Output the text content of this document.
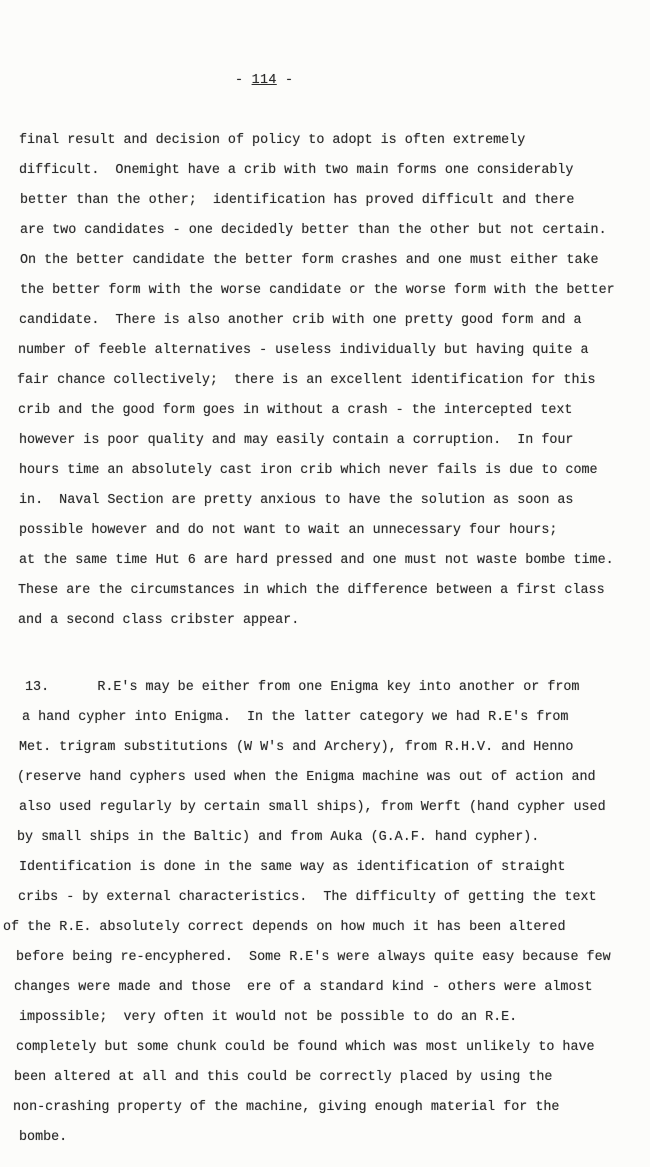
- 114 -
final result and decision of policy to adopt is often extremely
difficult.  Onemight have a crib with two main forms one considerably
better than the other;  identification has proved difficult and there
are two candidates - one decidedly better than the other but not certain.
On the better candidate the better form crashes and one must either take
the better form with the worse candidate or the worse form with the better
candidate.  There is also another crib with one pretty good form and a
number of feeble alternatives - useless individually but having quite a
fair chance collectively;  there is an excellent identification for this
crib and the good form goes in without a crash - the intercepted text
however is poor quality and may easily contain a corruption.  In four
hours time an absolutely cast iron crib which never fails is due to come
in.  Naval Section are pretty anxious to have the solution as soon as
possible however and do not want to wait an unnecessary four hours;
at the same time Hut 6 are hard pressed and one must not waste bombe time.
These are the circumstances in which the difference between a first class
and a second class cribster appear.
13.      R.E's may be either from one Enigma key into another or from
a hand cypher into Enigma.  In the latter category we had R.E's from
Met. trigram substitutions (W W's and Archery), from R.H.V. and Henno
(reserve hand cyphers used when the Enigma machine was out of action and
also used regularly by certain small ships), from Werft (hand cypher used
by small ships in the Baltic) and from Auka (G.A.F. hand cypher).
Identification is done in the same way as identification of straight
cribs - by external characteristics.  The difficulty of getting the text
of the R.E. absolutely correct depends on how much it has been altered
before being re-encyphered.  Some R.E's were always quite easy because few
changes were made and those  ere of a standard kind - others were almost
impossible;  very often it would not be possible to do an R.E.
completely but some chunk could be found which was most unlikely to have
been altered at all and this could be correctly placed by using the
non-crashing property of the machine, giving enough material for the
bombe.
